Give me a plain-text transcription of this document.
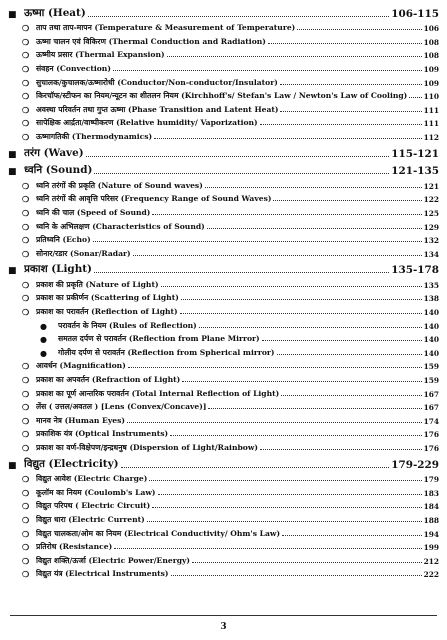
■ ऊष्मा (Heat)	106-115
❍ ताप तथा ताप-मापन (Temperature & Measurement of Temperature)	106
❍ ऊष्मा चालन एवं विकिरण (Thermal Conduction and Radiation)	108
❍ ऊष्मीय प्रसार (Thermal Expansion)	108
❍ संवहन (Convection)	109
❍ सुचालक/कुचालक/ऊष्मारोधी (Conductor/Non-conductor/Insulator)	109
❍ किरचॉफ/स्टीफन का नियम/न्यूटन का शीतलन नियम (Kirchhoff's/ Stefan's Law / Newton's Law of Cooling) 110
❍ अवस्था परिवर्तन तथा गुप्त ऊष्मा (Phase Transition and Latent Heat)	111
❍ सापेक्षिक आर्द्रता/वाष्पीकरण (Relative humidity/ Vaporization)	111
❍ ऊष्मागतिकी (Thermodynamics)	112
■ तरंग (Wave)	115-121
■ ध्वनि (Sound)	121-135
❍ ध्वनि तरंगों की प्रकृति (Nature of Sound waves)	121
❍ ध्वनि तरंगों की आवृत्ति परिसर (Frequency Range of Sound Waves)	122
❍ ध्वनि की चाल (Speed of Sound)	125
❍ ध्वनि के अभिलक्षण (Characteristics of Sound)	129
❍ प्रतिध्वनि (Echo)	132
❍ सोनार/रडार (Sonar/Radar)	134
■ प्रकाश (Light)	135-178
❍ प्रकाश की प्रकृति (Nature of Light)	135
❍ प्रकाश का प्रकीर्णन (Scattering of Light)	138
❍ प्रकाश का परावर्तन (Reflection of Light)	140
●	परावर्तन के नियम (Rules of Reflection)	140
●	समतल दर्पण से परावर्तन (Reflection from Plane Mirror)	140
●	गोलीय दर्पण से परावर्तन (Reflection from Spherical mirror)	140
❍ आवर्धन (Magnification)	159
❍ प्रकाश का अपवर्तन (Refraction of Light)	159
❍ प्रकाश का पूर्ण आन्तरिक परावर्तन (Total Internal Reflection of Light)	167
❍ लेंस ( उत्तल/अवतल ) [Lens (Convex/Concave)]	167
❍ मानव नेत्र (Human Eyes)	174
❍ प्रकाशिक यंत्र (Optical Instruments)	176
❍ प्रकाश का वर्ण-विक्षेपण/इन्द्रधनुष (Dispersion of Light/Rainbow)	176
■ विद्युत (Electricity)	179-229
❍ विद्युत आवेश (Electric Charge)	179
❍ कूलॉम का नियम (Coulomb's Law)	183
❍ विद्युत परिपथ ( Electric Circuit)	184
❍ विद्युत धारा (Electric Current)	188
❍ विद्युत चालकता/ओम का नियम (Electrical Conductivity/ Ohm's Law)	194
❍ प्रतिरोध (Resistance)	199
❍ विद्युत शक्ति/ऊर्जा (Electric Power/Energy)	212
❍ विद्युत यंत्र (Electrical Instruments)	222
3
